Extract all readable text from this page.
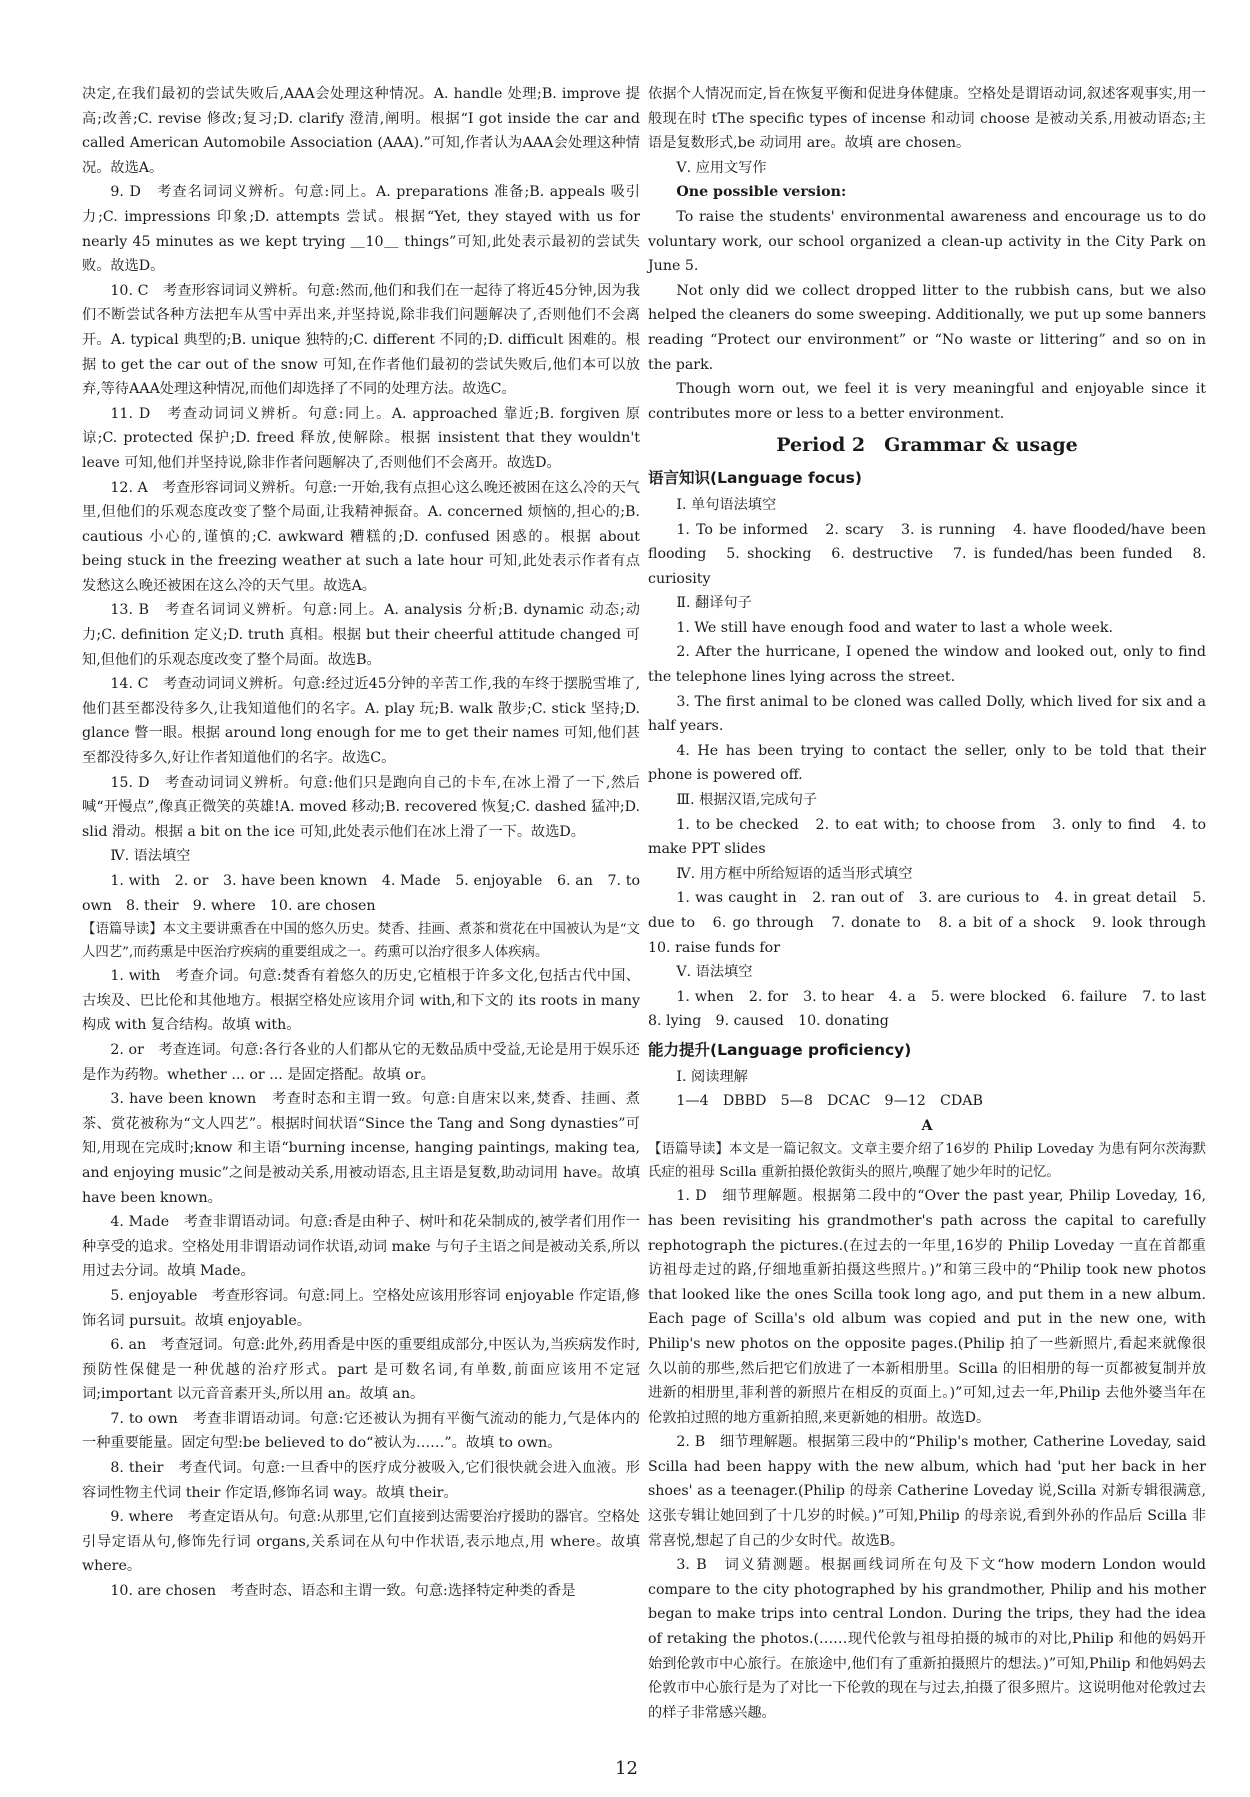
决定,在我们最初的尝试失败后,AAA会处理这种情况。A. handle 处理;B. improve 提高;改善;C. revise 修改;复习;D. clarify 澄清,阐明。根据“I got inside the car and called American Automobile Association (AAA).”可知,作者认为AAA会处理这种情况。故选A。

9. D　考查名词词义辨析。句意:同上。A. preparations 准备;B. appeals 吸引力;C. impressions 印象;D. attempts 尝试。根据“Yet, they stayed with us for nearly 45 minutes as we kept trying ＿10＿ things”可知,此处表示最初的尝试失败。故选D。

10. C　考查形容词词义辨析。句意:然而,他们和我们在一起待了将近45分钟,因为我们不断尝试各种方法把车从雪中弄出来,并坚持说,除非我们问题解决了,否则他们不会离开。A. typical 典型的;B. unique 独特的;C. different 不同的;D. difficult 困难的。根据 to get the car out of the snow 可知,在作者他们最初的尝试失败后,他们本可以放弃,等待AAA处理这种情况,而他们却选择了不同的处理方法。故选C。

11. D　考查动词词义辨析。句意:同上。A. approached 靠近;B. forgiven 原谅;C. protected 保护;D. freed 释放,使解除。根据 insistent that they wouldn't leave 可知,他们并坚持说,除非作者问题解决了,否则他们不会离开。故选D。

12. A　考查形容词词义辨析。句意:一开始,我有点担心这么晚还被困在这么冷的天气里,但他们的乐观态度改变了整个局面,让我精神振奋。A. concerned 烦恼的,担心的;B. cautious 小心的,谨慎的;C. awkward 糟糕的;D. confused 困惑的。根据 about being stuck in the freezing weather at such a late hour 可知,此处表示作者有点发愁这么晚还被困在这么冷的天气里。故选A。

13. B　考查名词词义辨析。句意:同上。A. analysis 分析;B. dynamic 动态;动力;C. definition 定义;D. truth 真相。根据 but their cheerful attitude changed 可知,但他们的乐观态度改变了整个局面。故选B。

14. C　考查动词词义辨析。句意:经过近45分钟的辛苦工作,我的车终于摆脱雪堆了,他们甚至都没待多久,让我知道他们的名字。A. play 玩;B. walk 散步;C. stick 坚持;D. glance 瞥一眼。根据 around long enough for me to get their names 可知,他们甚至都没待多久,好让作者知道他们的名字。故选C。

15. D　考查动词词义辨析。句意:他们只是跑向自己的卡车,在冰上滑了一下,然后喊“开慢点”,像真正微笑的英雄!A. moved 移动;B. recovered 恢复;C. dashed 猛冲;D. slid 滑动。根据 a bit on the ice 可知,此处表示他们在冰上滑了一下。故选D。

Ⅳ. 语法填空

1. with　2. or　3. have been known　4. Made　5. enjoyable　6. an　7. to own　8. their　9. where　10. are chosen

【语篇导读】本文主要讲熏香在中国的悠久历史。焚香、挂画、煮茶和赏花在中国被认为是“文人四艺”,而药熏是中医治疗疾病的重要组成之一。药熏可以治疗很多人体疾病。

1. with　考查介词。句意:焚香有着悠久的历史,它植根于许多文化,包括古代中国、古埃及、巴比伦和其他地方。根据空格处应该用介词 with,和下文的 its roots in many 构成 with 复合结构。故填 with。

2. or　考查连词。句意:各行各业的人们都从它的无数品质中受益,无论是用于娱乐还是作为药物。whether ... or ... 是固定搭配。故填 or。

3. have been known　考查时态和主谓一致。句意:自唐宋以来,焚香、挂画、煮茶、赏花被称为“文人四艺”。根据时间状语“Since the Tang and Song dynasties”可知,用现在完成时;know 和主语“burning incense, hanging paintings, making tea, and enjoying music”之间是被动关系,用被动语态,且主语是复数,助动词用 have。故填 have been known。

4. Made　考查非谓语动词。句意:香是由种子、树叶和花朵制成的,被学者们用作一种享受的追求。空格处用非谓语动词作状语,动词 make 与句子主语之间是被动关系,所以用过去分词。故填 Made。

5. enjoyable　考查形容词。句意:同上。空格处应该用形容词 enjoyable 作定语,修饰名词 pursuit。故填 enjoyable。

6. an　考查冠词。句意:此外,药用香是中医的重要组成部分,中医认为,当疾病发作时,预防性保健是一种优越的治疗形式。part 是可数名词,有单数,前面应该用不定冠词;important 以元音音素开头,所以用 an。故填 an。

7. to own　考查非谓语动词。句意:它还被认为拥有平衡气流动的能力,气是体内的一种重要能量。固定句型:be believed to do“被认为……”。故填 to own。

8. their　考查代词。句意:一旦香中的医疗成分被吸入,它们很快就会进入血液。形容词性物主代词 their 作定语,修饰名词 way。故填 their。

9. where　考查定语从句。句意:从那里,它们直接到达需要治疗援助的器官。空格处引导定语从句,修饰先行词 organs,关系词在从句中作状语,表示地点,用 where。故填 where。

10. are chosen　考查时态、语态和主谓一致。句意:选择特定种类的香是

依据个人情况而定,旨在恢复平衡和促进身体健康。空格处是谓语动词,叙述客观事实,用一般现在时 tThe specific types of incense 和动词 choose 是被动关系,用被动语态;主语是复数形式,be 动词用 are。故填 are chosen。

Ⅴ. 应用文写作

One possible version:

To raise the students' environmental awareness and encourage us to do voluntary work, our school organized a clean-up activity in the City Park on June 5.

Not only did we collect dropped litter to the rubbish cans, but we also helped the cleaners do some sweeping. Additionally, we put up some banners reading “Protect our environment” or “No waste or littering” and so on in the park.

Though worn out, we feel it is very meaningful and enjoyable since it contributes more or less to a better environment.

Period 2　Grammar & usage
语言知识(Language focus)

Ⅰ. 单句语法填空

1. To be informed　2. scary　3. is running　4. have flooded/have been flooding　5. shocking　6. destructive　7. is funded/has been funded　8. curiosity

Ⅱ. 翻译句子

1. We still have enough food and water to last a whole week.

2. After the hurricane, I opened the window and looked out, only to find the telephone lines lying across the street.

3. The first animal to be cloned was called Dolly, which lived for six and a half years.

4. He has been trying to contact the seller, only to be told that their phone is powered off.

Ⅲ. 根据汉语,完成句子

1. to be checked　2. to eat with; to choose from　3. only to find　4. to make PPT slides

Ⅳ. 用方框中所给短语的适当形式填空

1. was caught in　2. ran out of　3. are curious to　4. in great detail　5. due to　6. go through　7. donate to　8. a bit of a shock　9. look through　10. raise funds for

Ⅴ. 语法填空

1. when　2. for　3. to hear　4. a　5. were blocked　6. failure　7. to last　8. lying　9. caused　10. donating

能力提升(Language proficiency)

Ⅰ. 阅读理解

1—4　DBBD　5—8　DCAC　9—12　CDAB

A

【语篇导读】本文是一篇记叙文。文章主要介绍了16岁的 Philip Loveday 为患有阿尔茨海默氏症的祖母 Scilla 重新拍摄伦敦街头的照片,唤醒了她少年时的记忆。

1. D　细节理解题。根据第二段中的“Over the past year, Philip Loveday, 16, has been revisiting his grandmother's path across the capital to carefully rephotograph the pictures.(在过去的一年里,16岁的 Philip Loveday 一直在首都重访祖母走过的路,仔细地重新拍摄这些照片。)”和第三段中的“Philip took new photos that looked like the ones Scilla took long ago, and put them in a new album. Each page of Scilla's old album was copied and put in the new one, with Philip's new photos on the opposite pages.(Philip 拍了一些新照片,看起来就像很久以前的那些,然后把它们放进了一本新相册里。Scilla 的旧相册的每一页都被复制并放进新的相册里,菲利普的新照片在相反的页面上。)”可知,过去一年,Philip 去他外婆当年在伦敦拍过照的地方重新拍照,来更新她的相册。故选D。

2. B　细节理解题。根据第三段中的“Philip's mother, Catherine Loveday, said Scilla had been happy with the new album, which had 'put her back in her shoes' as a teenager.(Philip 的母亲 Catherine Loveday 说,Scilla 对新专辑很满意,这张专辑让她回到了十几岁的时候。)”可知,Philip 的母亲说,看到外孙的作品后 Scilla 非常喜悦,想起了自己的少女时代。故选B。

3. B　词义猜测题。根据画线词所在句及下文“how modern London would compare to the city photographed by his grandmother, Philip and his mother began to make trips into central London. During the trips, they had the idea of retaking the photos.(……现代伦敦与祖母拍摄的城市的对比,Philip 和他的妈妈开始到伦敦市中心旅行。在旅途中,他们有了重新拍摄照片的想法。)”可知,Philip 和他妈妈去伦敦市中心旅行是为了对比一下伦敦的现在与过去,拍摄了很多照片。这说明他对伦敦过去的样子非常感兴趣。

12
